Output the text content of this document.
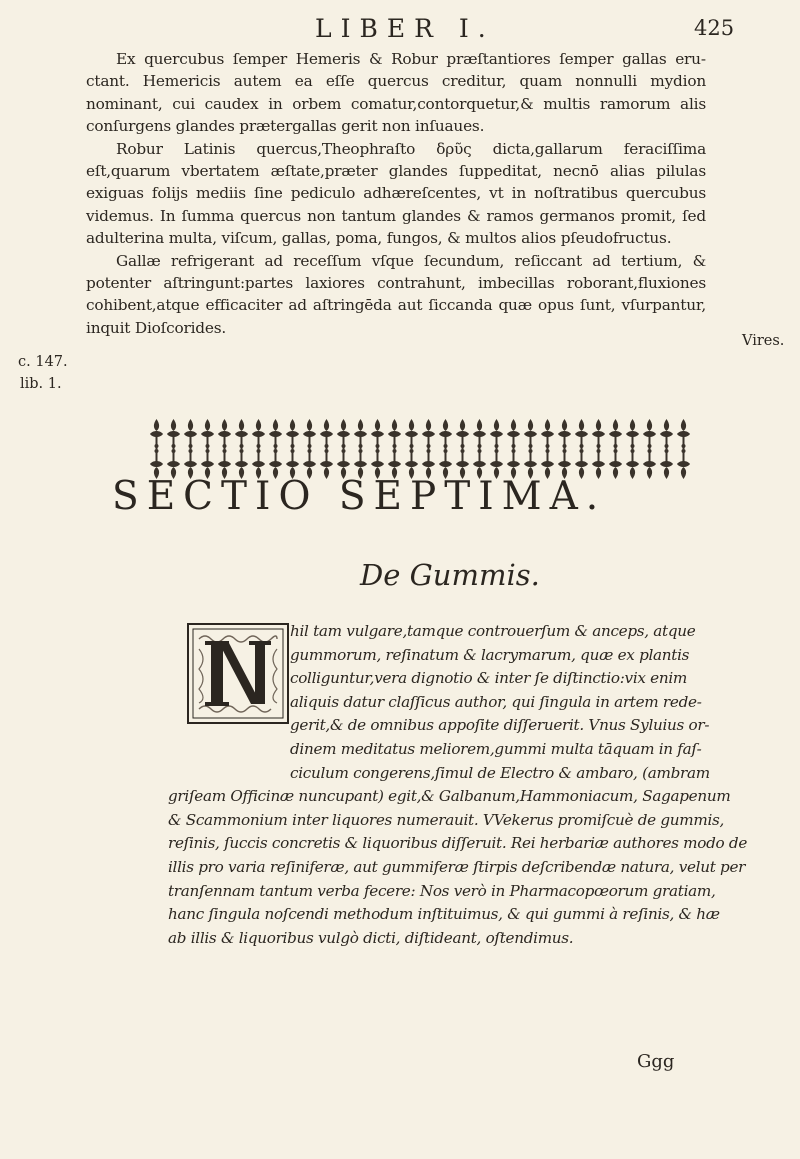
LIBER I.	425

Ex quercubus ſemper Hemeris & Robur præſtantiores ſemper gallas eructant. Hemericis autem ea eſſe quercus creditur, quam nonnulli mydion nominant, cui caudex in orbem comatur,contorquetur,& multis ramorum alis conſurgens glandes prætergallas gerit non inſuaues.

Robur Latinis quercus,Theophraſto δρῦς dicta,gallarum feraciſſima eſt,quarum vbertatem æſtate,præter glandes ſuppeditat, necnō alias pilulas exiguas folijs mediis ſine pediculo adhæreſcentes, vt in noſtratibus quercubus videmus. In ſumma quercus non tantum glandes & ramos germanos promit, ſed adulterina multa, viſcum, gallas, poma, fungos, & multos alios pſeudofructus.

Gallæ refrigerant ad receſſum vſque ſecundum, reſiccant ad tertium, & potenter aſtringunt:partes laxiores contrahunt, imbecillas roborant,fluxiones cohibent,atque efficaciter ad aſtringēda aut ſiccanda quæ opus ſunt, vſurpantur, inquit Dioſcorides.

Vires.
c. 147.
lib. 1.
SECTIO SEPTIMA.
De Gummis.
hil tam vulgare,tamque controuerſum & anceps, atque
gummorum, reſinatum & lacrymarum, quæ ex plantis
colliguntur,vera dignotio & inter ſe diſtinctio:vix enim
aliquis datur claſſicus author, qui ſingula in artem rede-
gerit,& de omnibus appoſite diſſeruerit. Vnus Syluius or-
dinem meditatus meliorem,gummi multa tāquam in faſ-
ciculum congerens,ſimul de Electro & ambaro, (ambram
griſeam Officinæ nuncupant) egit,& Galbanum,Hammoniacum, Sagapenum
& Scammonium inter liquores numerauit. VVekerus promiſcuè de gummis,
reſinis, ſuccis concretis & liquoribus diſſeruit. Rei herbariæ authores modo de
illis pro varia reſiniferæ, aut gummiferæ ſtirpis deſcribendæ natura, velut per
tranſennam tantum verba fecere: Nos verò in Pharmacopœorum gratiam,
hanc ſingula noſcendi methodum inſtituimus, & qui gummi à reſinis, & hæ
ab illis & liquoribus vulgò dicti, diſtideant, oſtendimus.
Ggg
